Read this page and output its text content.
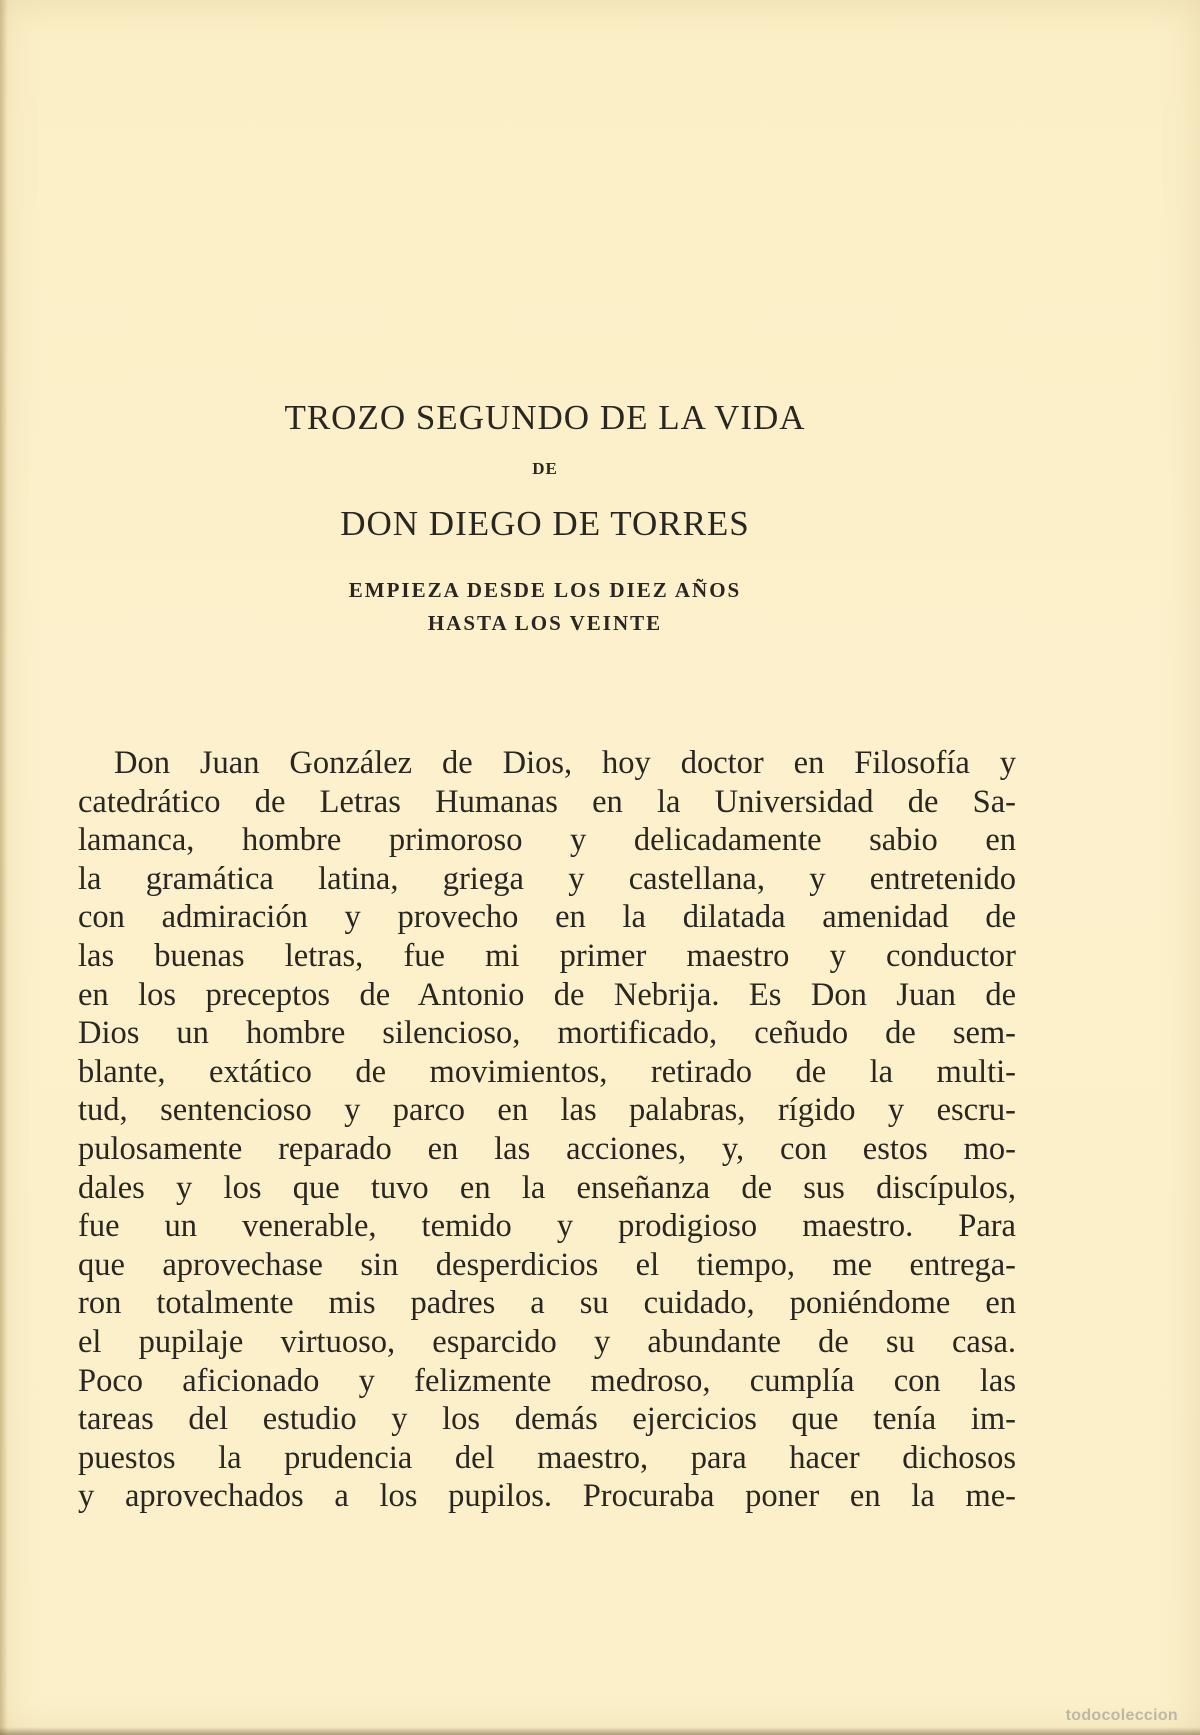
TROZO SEGUNDO DE LA VIDA
DE
DON DIEGO DE TORRES
EMPIEZA DESDE LOS DIEZ AÑOS
HASTA LOS VEINTE
Don Juan González de Dios, hoy doctor en Filosofía y
catedrático de Letras Humanas en la Universidad de Sa-
lamanca, hombre primoroso y delicadamente sabio en
la gramática latina, griega y castellana, y entretenido
con admiración y provecho en la dilatada amenidad de
las buenas letras, fue mi primer maestro y conductor
en los preceptos de Antonio de Nebrija. Es Don Juan de
Dios un hombre silencioso, mortificado, ceñudo de sem-
blante, extático de movimientos, retirado de la multi-
tud, sentencioso y parco en las palabras, rígido y escru-
pulosamente reparado en las acciones, y, con estos mo-
dales y los que tuvo en la enseñanza de sus discípulos,
fue un venerable, temido y prodigioso maestro. Para
que aprovechase sin desperdicios el tiempo, me entrega-
ron totalmente mis padres a su cuidado, poniéndome en
el pupilaje virtuoso, esparcido y abundante de su casa.
Poco aficionado y felizmente medroso, cumplía con las
tareas del estudio y los demás ejercicios que tenía im-
puestos la prudencia del maestro, para hacer dichosos
y aprovechados a los pupilos. Procuraba poner en la me-
todocoleccion
